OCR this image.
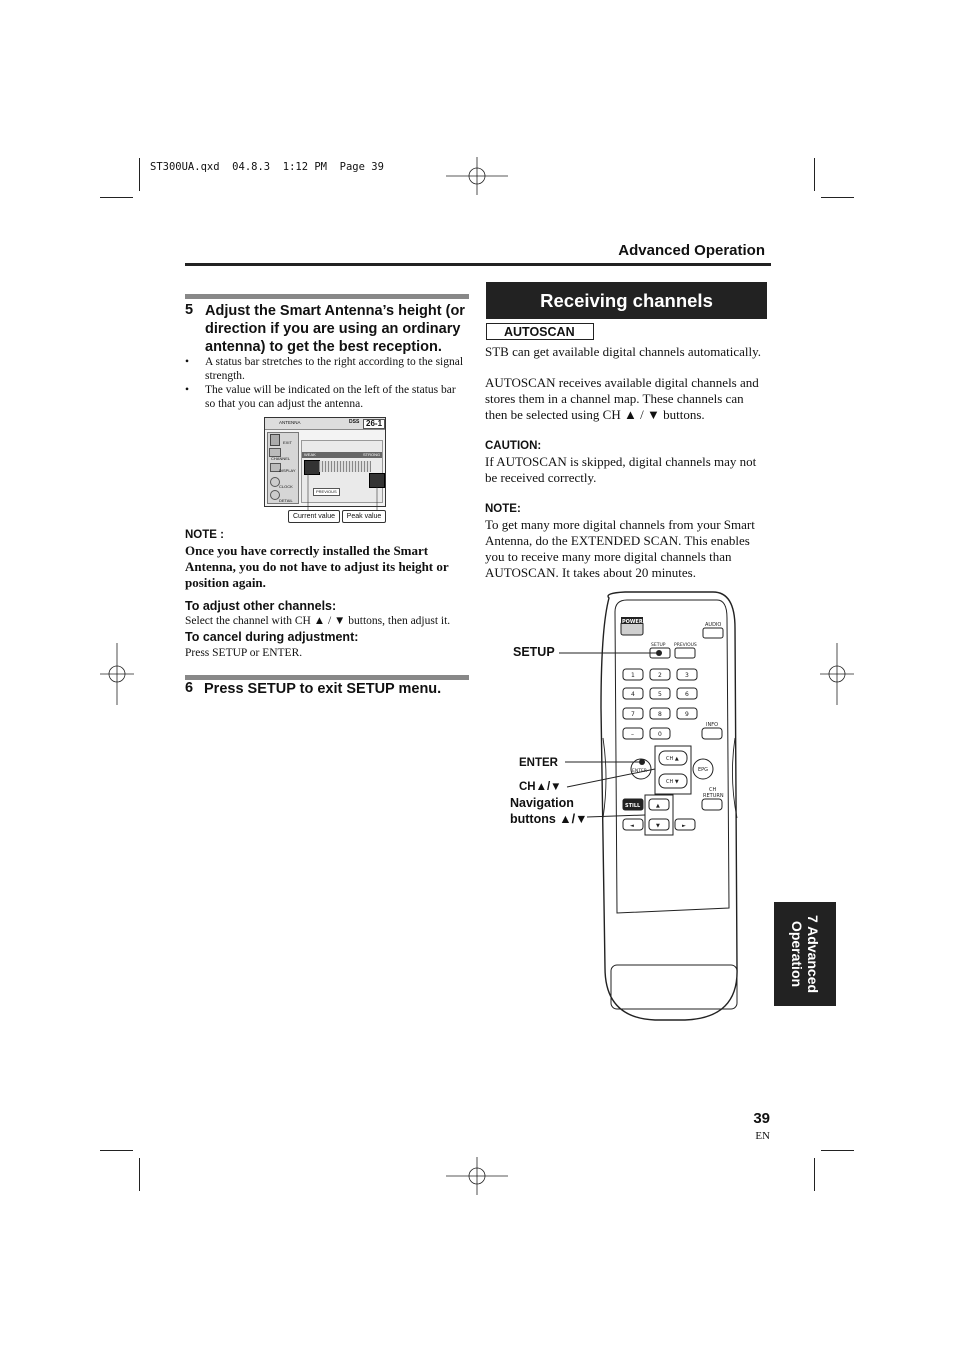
ST300UA.qxd  04.8.3  1:12 PM  Page 39
Advanced Operation
5 Adjust the Smart Antenna’s height (or direction if you are using an ordinary antenna) to get the best reception.
•	A status bar stretches to the right according to the signal strength.
•	The value will be indicated on the left of the status bar so that you can adjust the antenna.
ANTENNA	26-1
DSS
EXIT
CHANNEL
DISPLAY
CLOCK
DETAIL
WEAK	STRONG
PREVIOUS
Current value	Peak value
NOTE :
Once you have correctly installed the Smart Antenna, you do not have to adjust its height or position again.
To adjust other channels:
Select the channel with CH ▲ / ▼ buttons, then adjust it.
To cancel during adjustment:
Press SETUP or ENTER.
6 Press SETUP to exit SETUP menu.
Receiving channels
AUTOSCAN
STB can get available digital channels automatically.
AUTOSCAN receives available digital channels and stores them in a channel map. These channels can then be selected using CH ▲ / ▼ buttons.
CAUTION:
If AUTOSCAN is skipped, digital channels may not be received correctly.
NOTE:
To get many more digital channels from your Smart Antenna, do the EXTENDED SCAN. This enables you to receive many more digital channels than AUTOSCAN. It takes about 20 minutes.
POWER	AUDIO
SETUP PREVIOUS
1	2	3
4	5	6
7	8	9
INFO
–	0
ENTER
CH ▲
CH ▼
EPG
CH
RETURN
STILL	▲
◄	▼	►
SETUP
ENTER
CH▲/▼
Navigation
buttons ▲/▼
7 Advanced
Operation
39
EN
